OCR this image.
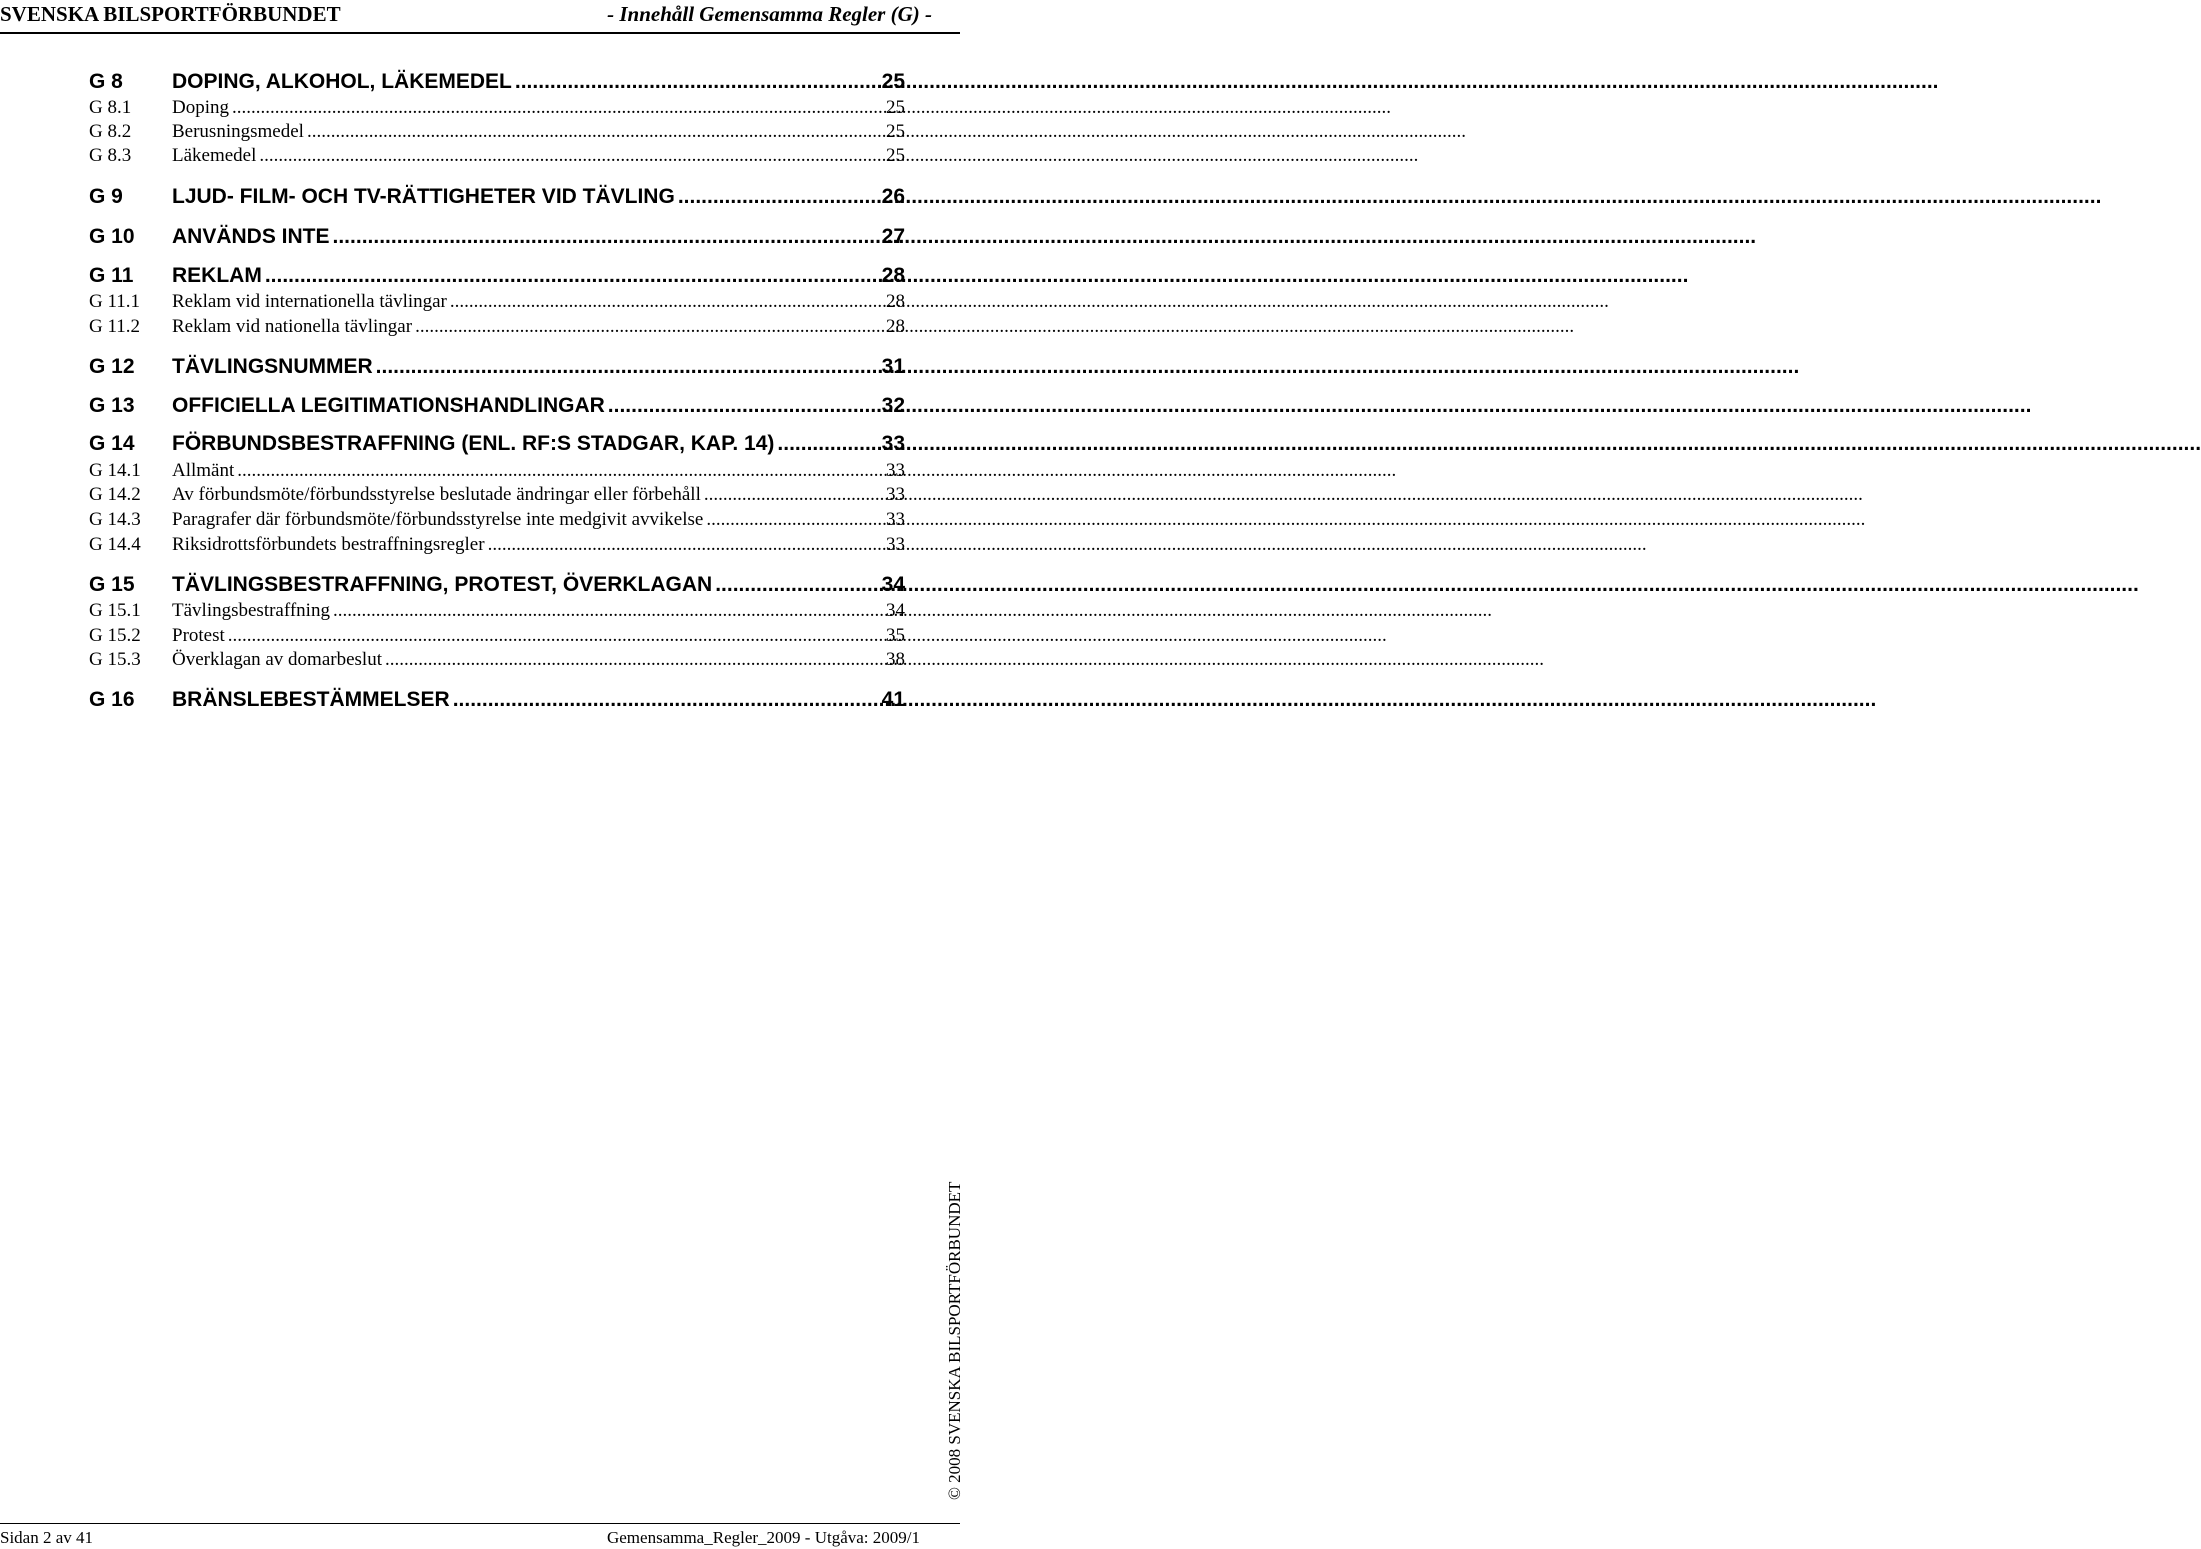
SVENSKA BILSPORTFÖRBUNDET	- Innehåll Gemensamma Regler (G) -
G 8	DOPING, ALKOHOL, LÄKEMEDEL .....	25
G 8.1	Doping .....	25
G 8.2	Berusningsmedel .....	25
G 8.3	Läkemedel .....	25
G 9	LJUD- FILM- OCH TV-RÄTTIGHETER VID TÄVLING .....	26
G 10	ANVÄNDS INTE .....	27
G 11	REKLAM .....	28
G 11.1	Reklam vid internationella tävlingar .....	28
G 11.2	Reklam vid nationella tävlingar .....	28
G 12	TÄVLINGSNUMMER .....	31
G 13	OFFICIELLA LEGITIMATIONSHANDLINGAR .....	32
G 14	FÖRBUNDSBESTRAFFNING (ENL. RF:S STADGAR, KAP. 14) .....	33
G 14.1	Allmänt .....	33
G 14.2	Av förbundsmöte/förbundsstyrelse beslutade ändringar eller förbehåll .....	33
G 14.3	Paragrafer där förbundsmöte/förbundsstyrelse inte medgivit avvikelse .....	33
G 14.4	Riksidrottsförbundets bestraffningsregler .....	33
G 15	TÄVLINGSBESTRAFFNING, PROTEST, ÖVERKLAGAN .....	34
G 15.1	Tävlingsbestraffning .....	34
G 15.2	Protest .....	35
G 15.3	Överklagan av domarbeslut .....	38
G 16	BRÄNSLEBESTÄMMELSER .....	41
© 2008 SVENSKA BILSPORTFÖRBUNDET
Sidan 2 av 41	Gemensamma_Regler_2009 - Utgåva: 2009/1
